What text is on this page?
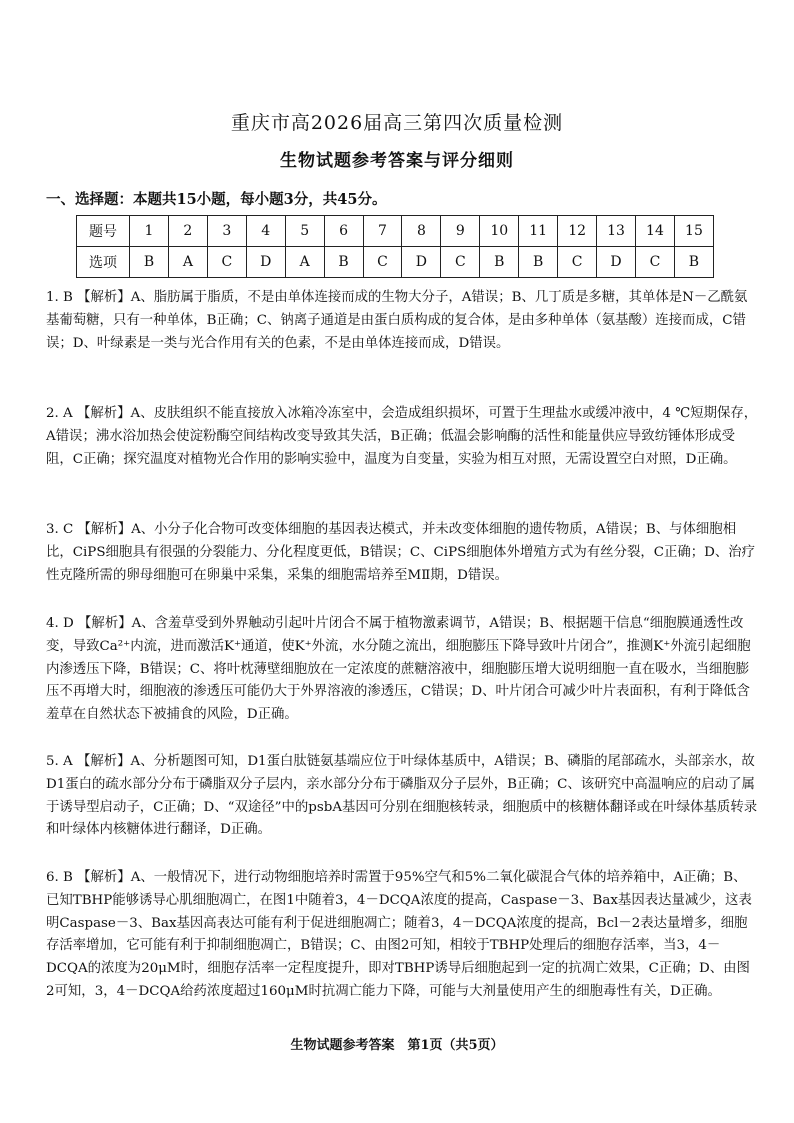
重庆市高2026届高三第四次质量检测
生物试题参考答案与评分细则
一、选择题：本题共15小题，每小题3分，共45分。
题号	1	2	3	4	5	6	7	8	9	10	11	12	13	14	15
选项	B	A	C	D	A	B	C	D	C	B	B	C	D	C	B
1. B 【解析】A、脂肪属于脂质，不是由单体连接而成的生物大分子，A错误；B、几丁质是多糖，其单体是N－乙酰氨基葡萄糖，只有一种单体，B正确；C、钠离子通道是由蛋白质构成的复合体，是由多种单体（氨基酸）连接而成，C错误；D、叶绿素是一类与光合作用有关的色素，不是由单体连接而成，D错误。
2. A 【解析】A、皮肤组织不能直接放入冰箱冷冻室中，会造成组织损坏，可置于生理盐水或缓冲液中，4 ℃短期保存，A错误；沸水浴加热会使淀粉酶空间结构改变导致其失活，B正确；低温会影响酶的活性和能量供应导致纺锤体形成受阻，C正确；探究温度对植物光合作用的影响实验中，温度为自变量，实验为相互对照，无需设置空白对照，D正确。
3. C 【解析】A、小分子化合物可改变体细胞的基因表达模式，并未改变体细胞的遗传物质，A错误；B、与体细胞相比，CiPS细胞具有很强的分裂能力、分化程度更低，B错误；C、CiPS细胞体外增殖方式为有丝分裂，C正确；D、治疗性克隆所需的卵母细胞可在卵巢中采集，采集的细胞需培养至MⅡ期，D错误。
4. D 【解析】A、含羞草受到外界触动引起叶片闭合不属于植物激素调节，A错误；B、根据题干信息“细胞膜通透性改变，导致Ca²⁺内流，进而激活K⁺通道，使K⁺外流，水分随之流出，细胞膨压下降导致叶片闭合”，推测K⁺外流引起细胞内渗透压下降，B错误；C、将叶枕薄壁细胞放在一定浓度的蔗糖溶液中，细胞膨压增大说明细胞一直在吸水，当细胞膨压不再增大时，细胞液的渗透压可能仍大于外界溶液的渗透压，C错误；D、叶片闭合可减少叶片表面积，有利于降低含羞草在自然状态下被捕食的风险，D正确。
5. A 【解析】A、分析题图可知，D1蛋白肽链氨基端应位于叶绿体基质中，A错误；B、磷脂的尾部疏水，头部亲水，故D1蛋白的疏水部分分布于磷脂双分子层内，亲水部分分布于磷脂双分子层外，B正确；C、该研究中高温响应的启动了属于诱导型启动子，C正确；D、“双途径”中的psbA基因可分别在细胞核转录，细胞质中的核糖体翻译或在叶绿体基质转录和叶绿体内核糖体进行翻译，D正确。
6. B 【解析】A、一般情况下，进行动物细胞培养时需置于95%空气和5%二氧化碳混合气体的培养箱中，A正确；B、已知TBHP能够诱导心肌细胞凋亡，在图1中随着3，4－DCQA浓度的提高，Caspase－3、Bax基因表达量减少，这表明Caspase－3、Bax基因高表达可能有利于促进细胞凋亡；随着3，4－DCQA浓度的提高，Bcl－2表达量增多，细胞存活率增加，它可能有利于抑制细胞凋亡，B错误；C、由图2可知，相较于TBHP处理后的细胞存活率，当3，4－DCQA的浓度为20μM时，细胞存活率一定程度提升，即对TBHP诱导后细胞起到一定的抗凋亡效果，C正确；D、由图2可知，3，4－DCQA给药浓度超过160μM时抗凋亡能力下降，可能与大剂量使用产生的细胞毒性有关，D正确。
生物试题参考答案　第1页（共5页）
